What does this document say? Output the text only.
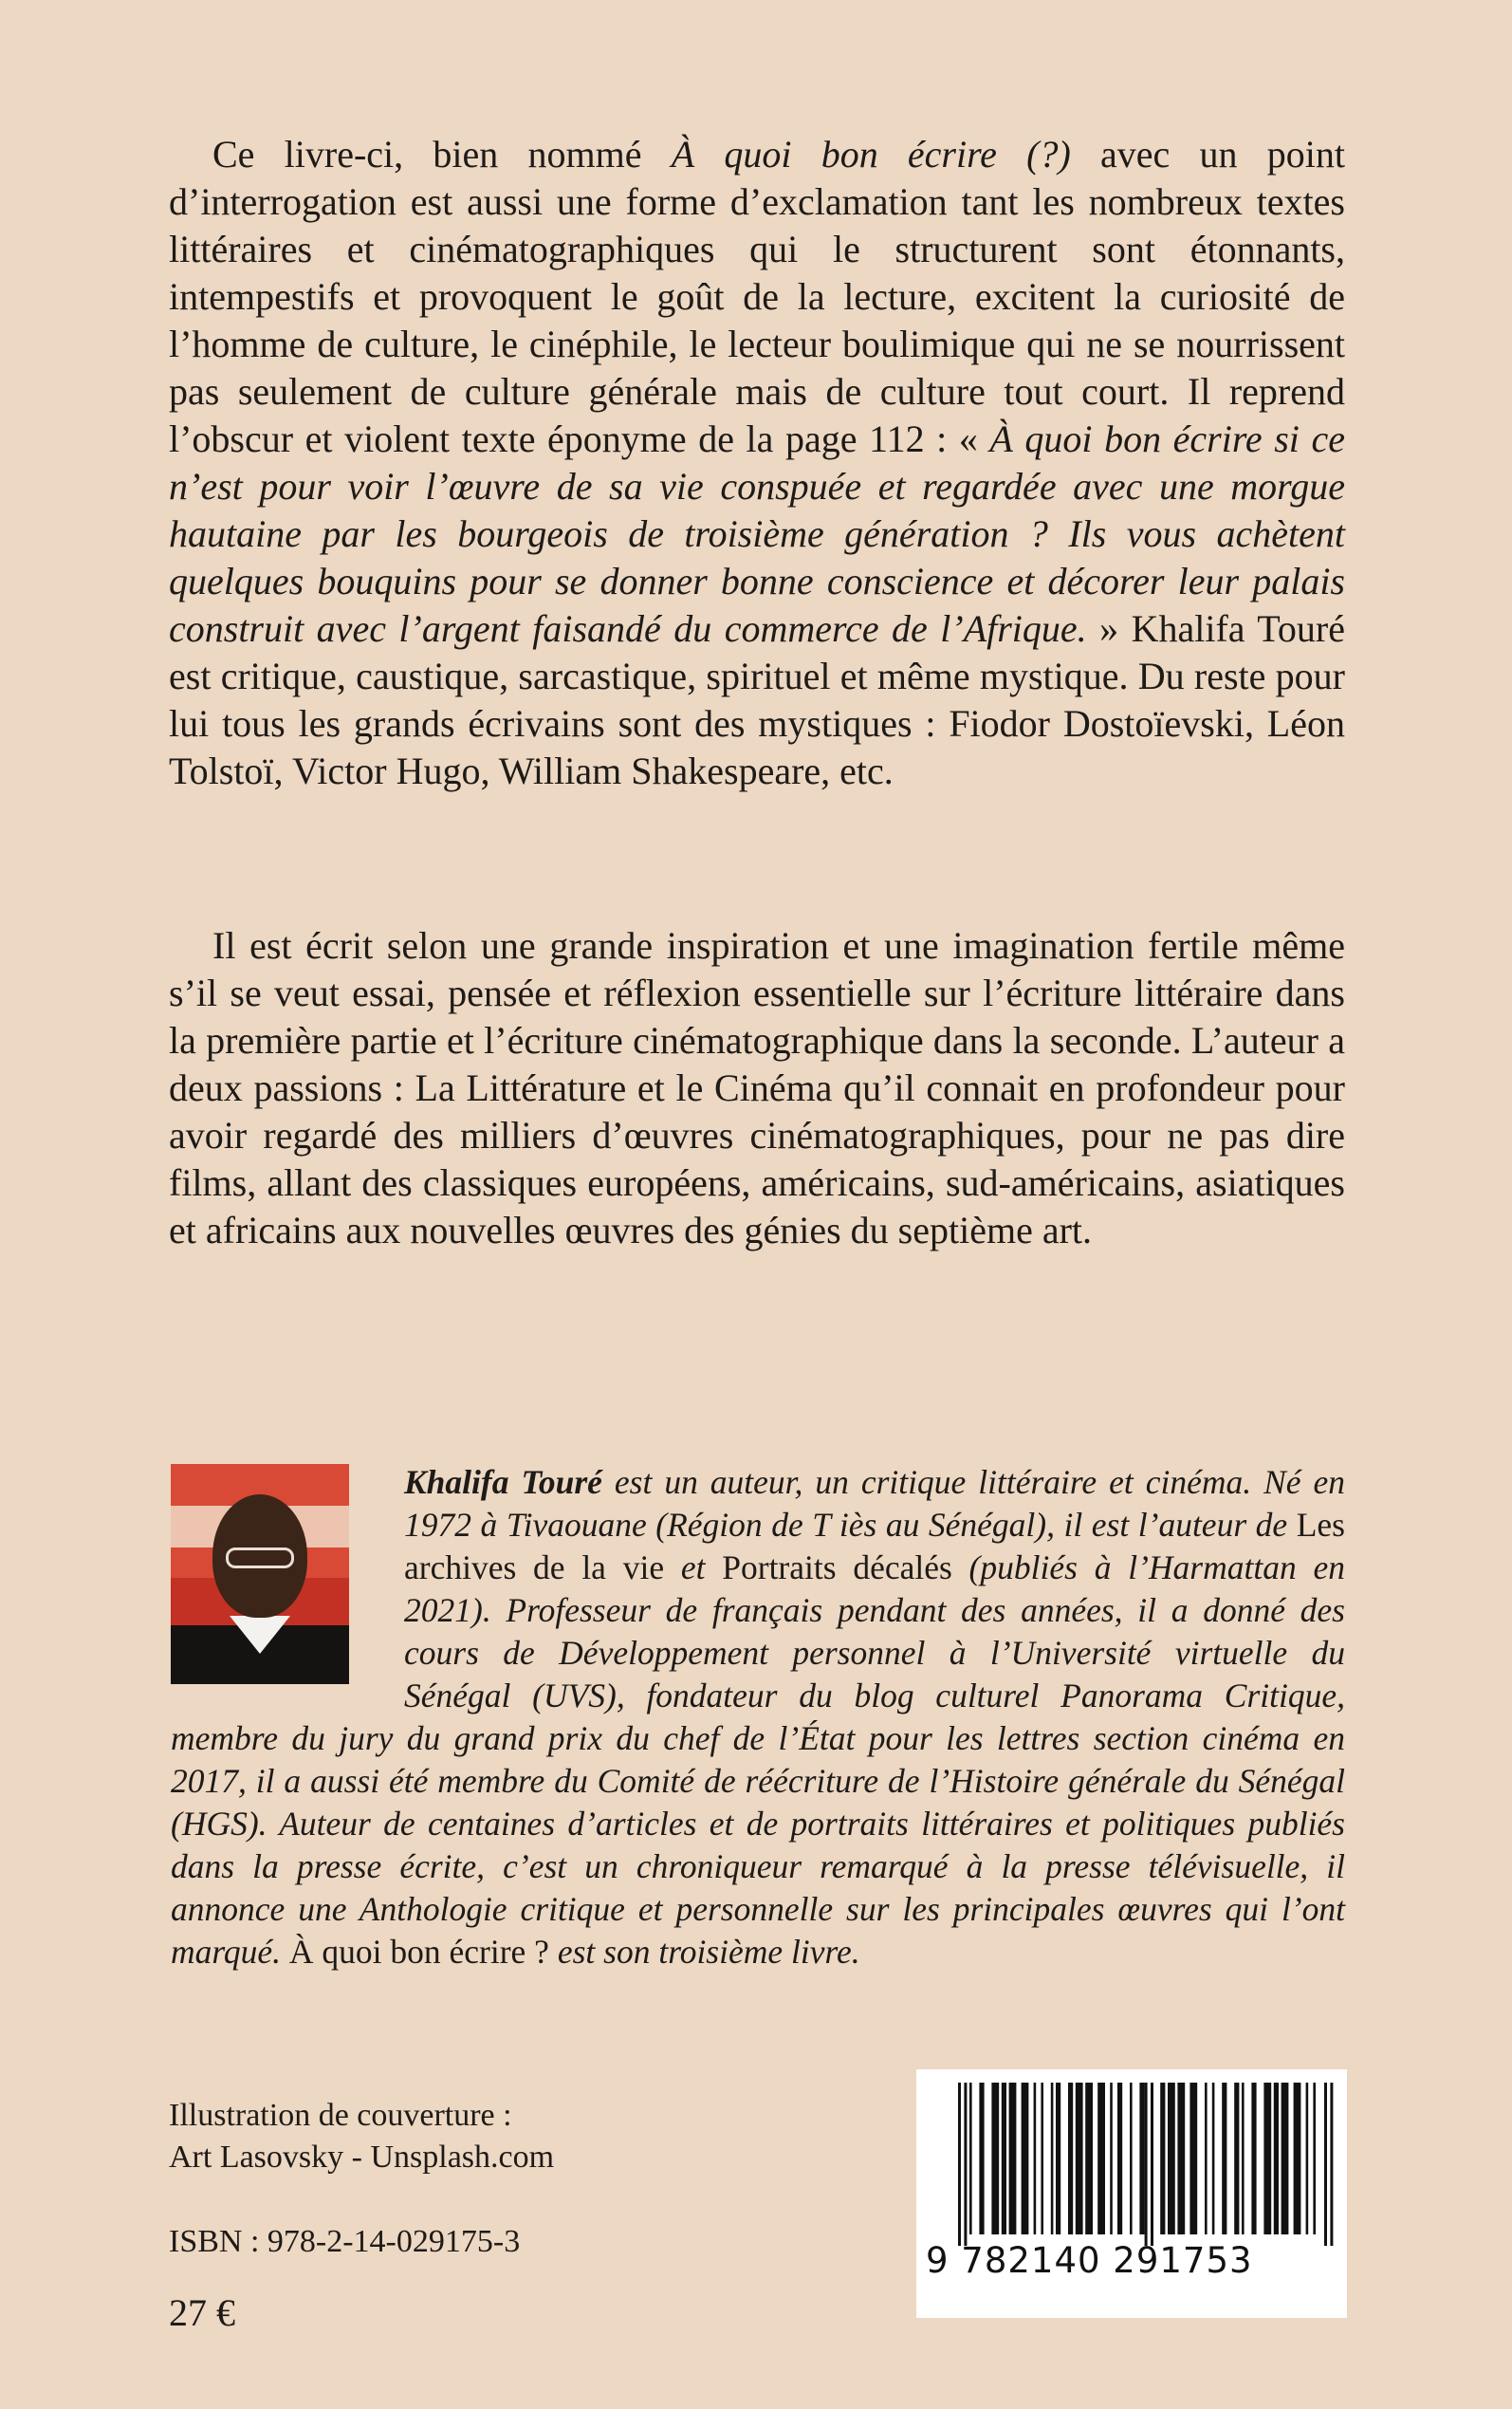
Ce livre-ci, bien nommé À quoi bon écrire (?) avec un point d’interrogation est aussi une forme d’exclamation tant les nombreux textes littéraires et cinématographiques qui le structurent sont étonnants, intempestifs et provoquent le goût de la lecture, excitent la curiosité de l’homme de culture, le cinéphile, le lecteur boulimique qui ne se nourrissent pas seulement de culture générale mais de culture tout court. Il reprend l’obscur et violent texte éponyme de la page 112 : « À quoi bon écrire si ce n’est pour voir l’œuvre de sa vie conspuée et regardée avec une morgue hautaine par les bourgeois de troisième génération ? Ils vous achètent quelques bouquins pour se donner bonne conscience et décorer leur palais construit avec l’argent faisandé du commerce de l’Afrique. » Khalifa Touré est critique, caustique, sarcastique, spirituel et même mystique. Du reste pour lui tous les grands écrivains sont des mystiques : Fiodor Dostoïevski, Léon Tolstoï, Victor Hugo, William Shakespeare, etc.

Il est écrit selon une grande inspiration et une imagination fertile même s’il se veut essai, pensée et réflexion essentielle sur l’écriture littéraire dans la première partie et l’écriture cinématographique dans la seconde. L’auteur a deux passions : La Littérature et le Cinéma qu’il connait en profondeur pour avoir regardé des milliers d’œuvres cinématographiques, pour ne pas dire films, allant des classiques européens, américains, sud-américains, asiatiques et africains aux nouvelles œuvres des génies du septième art.

Khalifa Touré est un auteur, un critique littéraire et cinéma. Né en 1972 à Tivaouane (Région de T iès au Sénégal), il est l’auteur de Les archives de la vie et Portraits décalés (publiés à l’Harmattan en 2021). Professeur de français pendant des années, il a donné des cours de Développement personnel à l’Université virtuelle du Sénégal (UVS), fondateur du blog culturel Panorama Critique, membre du jury du grand prix du chef de l’État pour les lettres section cinéma en 2017, il a aussi été membre du Comité de réécriture de l’Histoire générale du Sénégal (HGS). Auteur de centaines d’articles et de portraits littéraires et politiques publiés dans la presse écrite, c’est un chroniqueur remarqué à la presse télévisuelle, il annonce une Anthologie critique et personnelle sur les principales œuvres qui l’ont marqué. À quoi bon écrire ? est son troisième livre.

Illustration de couverture :
Art Lasovsky - Unsplash.com
ISBN : 978-2-14-029175-3
27 €
9 782140 291753
